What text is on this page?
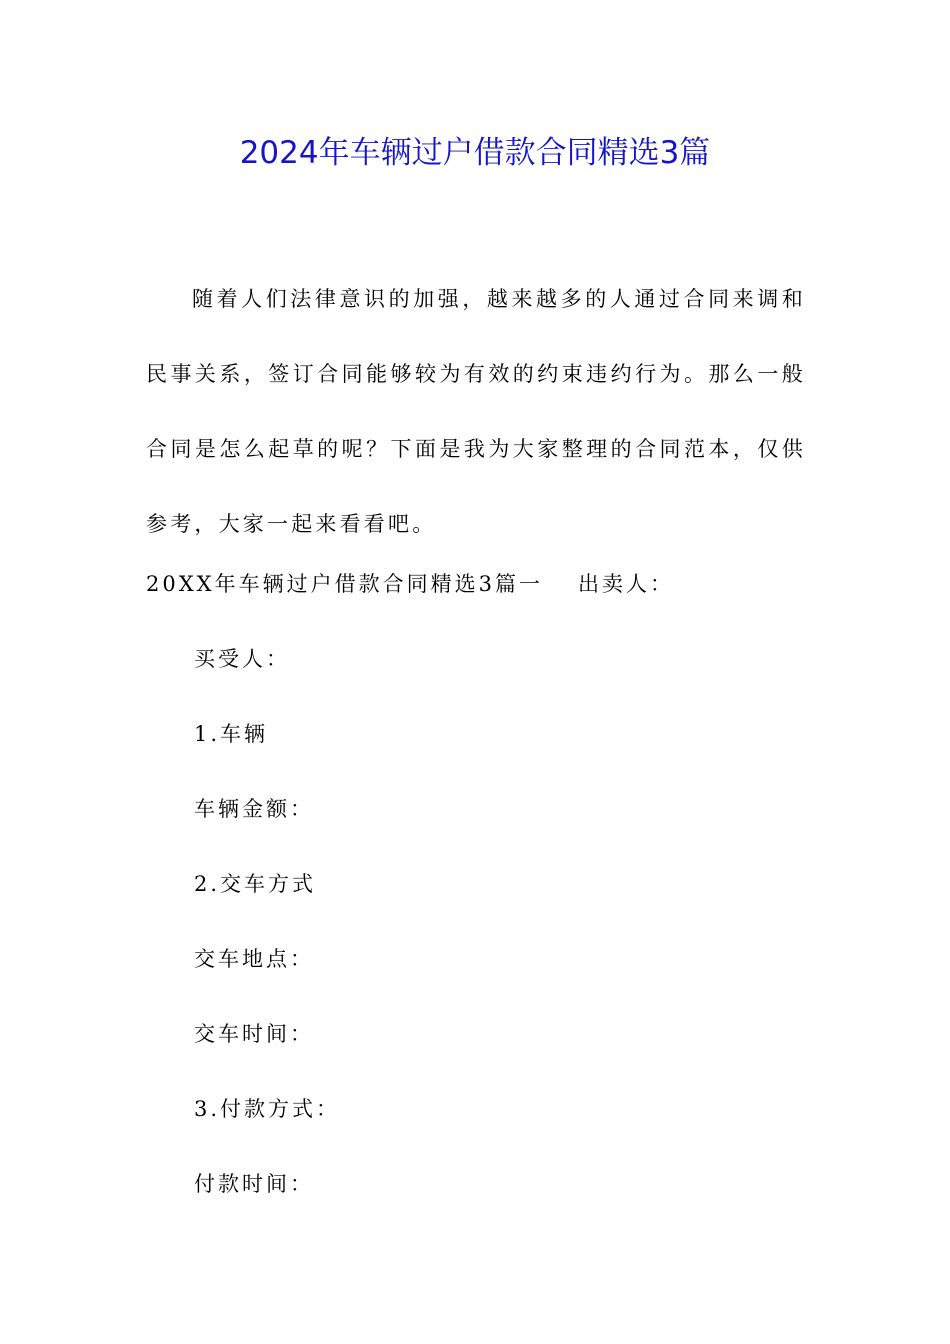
2024年车辆过户借款合同精选3篇
随着人们法律意识的加强，越来越多的人通过合同来调和民事关系，签订合同能够较为有效的约束违约行为。那么一般合同是怎么起草的呢？下面是我为大家整理的合同范本，仅供参考，大家一起来看看吧。
20XX年车辆过户借款合同精选3篇一 出卖人：
买受人：
1.车辆
车辆金额：
2.交车方式
交车地点：
交车时间：
3.付款方式：
付款时间：
